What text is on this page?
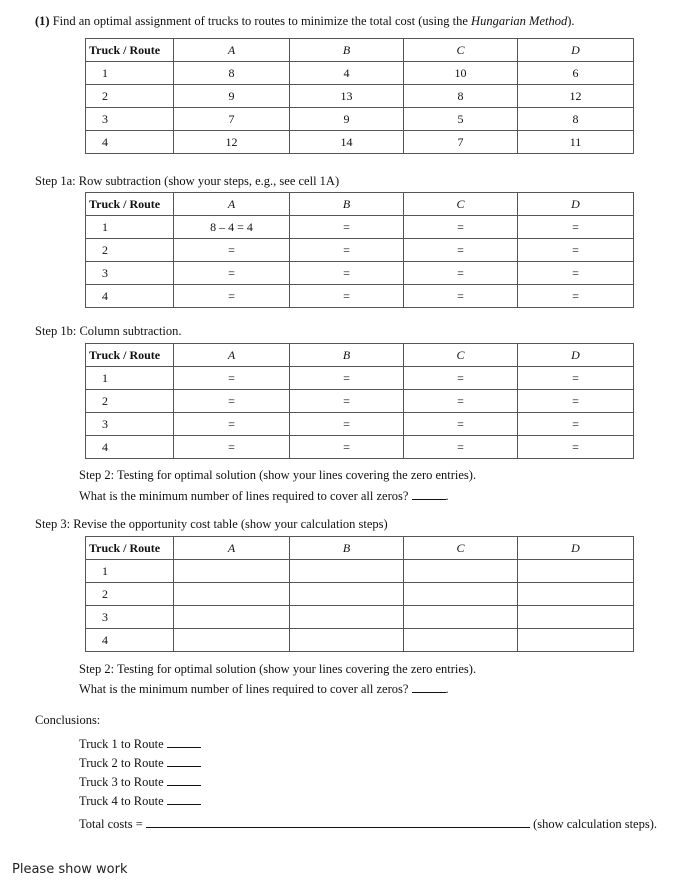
(1) Find an optimal assignment of trucks to routes to minimize the total cost (using the Hungarian Method).
Truck / Route	A	B	C	D
1	8	4	10	6
2	9	13	8	12
3	7	9	5	8
4	12	14	7	11
Step 1a: Row subtraction (show your steps, e.g., see cell 1A)
Truck / Route	A	B	C	D
1	8 – 4 = 4	=	=	=
2	=	=	=	=
3	=	=	=	=
4	=	=	=	=
Step 1b: Column subtraction.
Truck / Route	A	B	C	D
1	=	=	=	=
2	=	=	=	=
3	=	=	=	=
4	=	=	=	=
Step 2: Testing for optimal solution (show your lines covering the zero entries).
What is the minimum number of lines required to cover all zeros?	.
Step 3: Revise the opportunity cost table (show your calculation steps)
Truck / Route	A	B	C	D
1				
2				
3				
4				
Step 2: Testing for optimal solution (show your lines covering the zero entries).
What is the minimum number of lines required to cover all zeros?	.
Conclusions:
Truck 1 to Route
Truck 2 to Route
Truck 3 to Route
Truck 4 to Route
Total costs =	(show calculation steps).
Please show work
